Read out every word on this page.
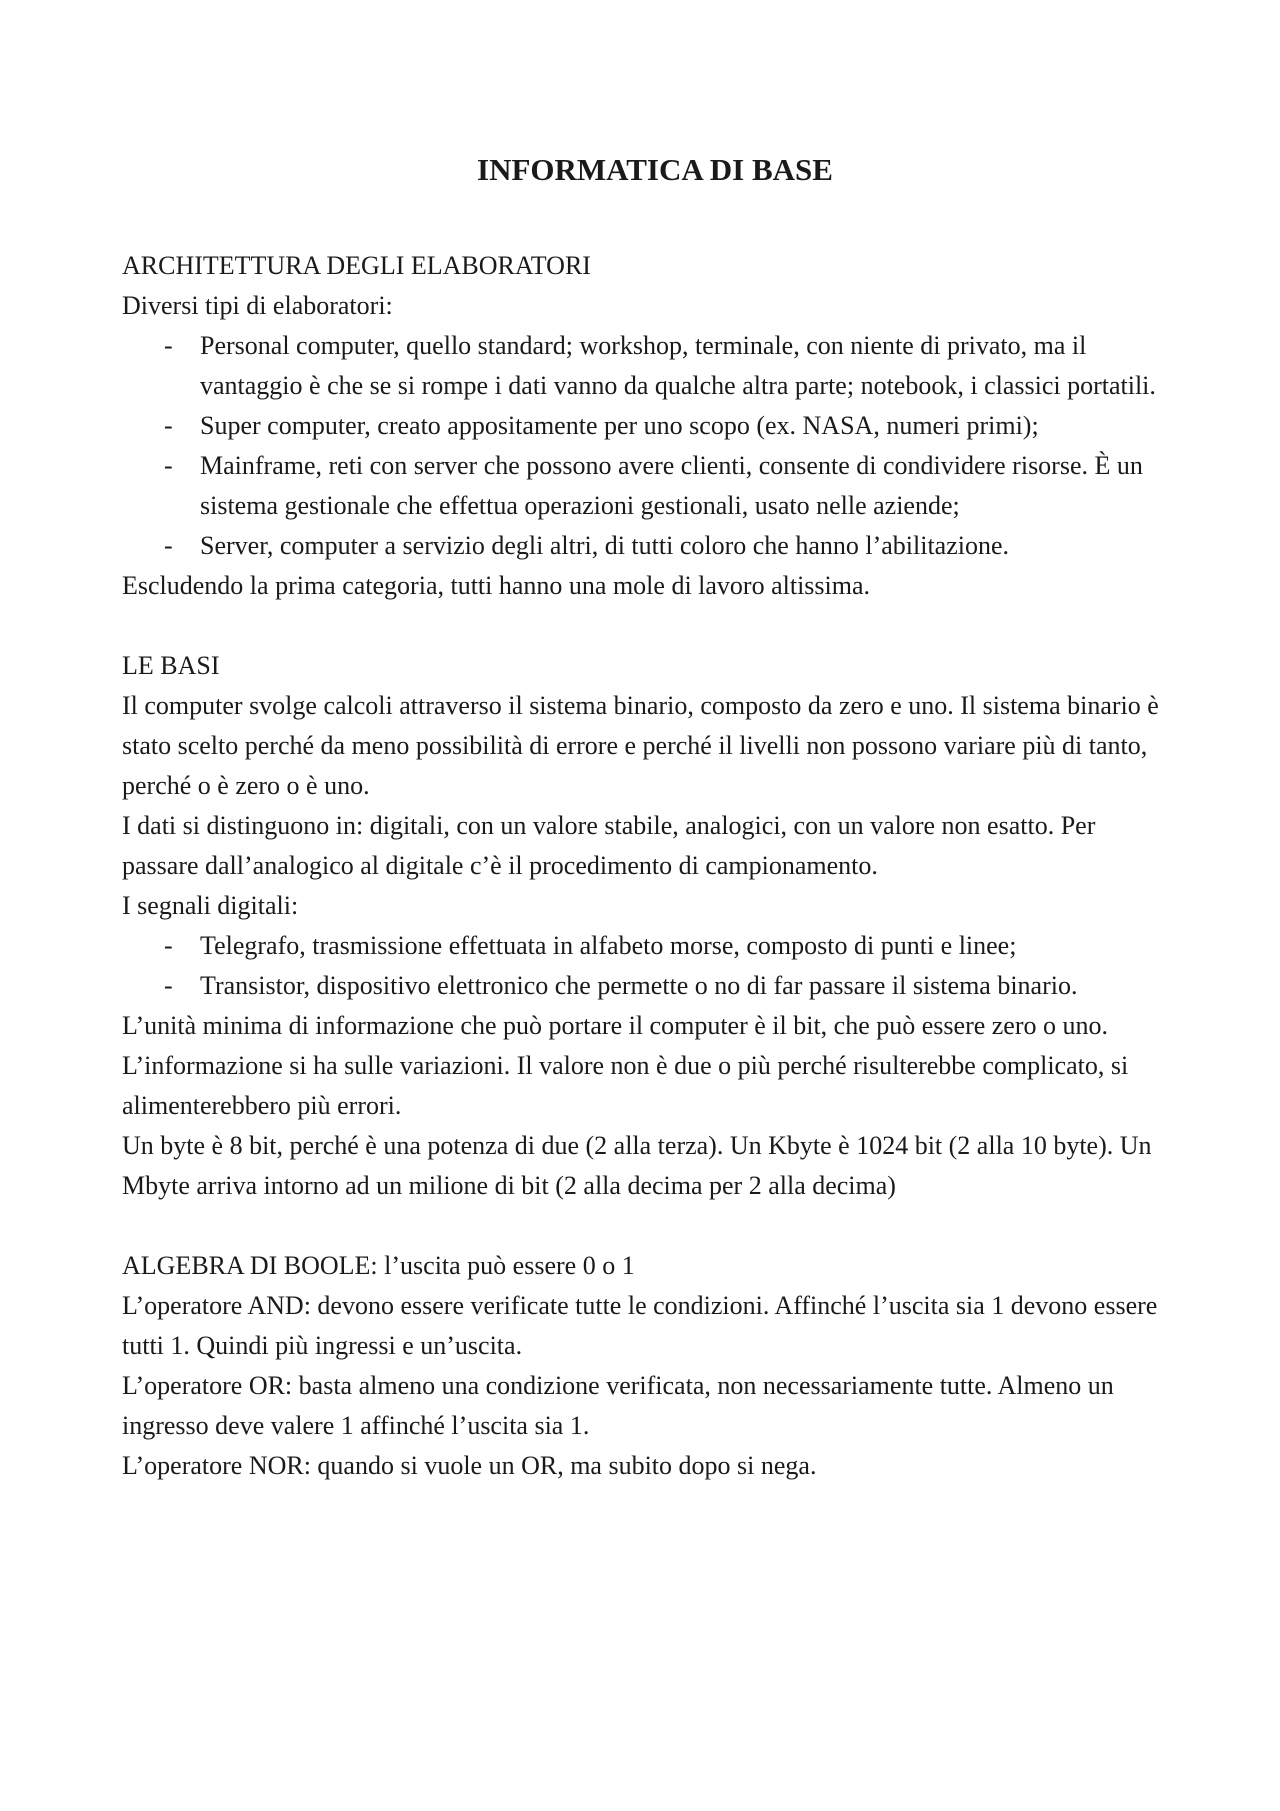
INFORMATICA DI BASE

ARCHITETTURA DEGLI ELABORATORI

Diversi tipi di elaboratori:

- Personal computer, quello standard; workshop, terminale, con niente di privato, ma il vantaggio è che se si rompe i dati vanno da qualche altra parte; notebook, i classici portatili.
- Super computer, creato appositamente per uno scopo (ex. NASA, numeri primi);
- Mainframe, reti con server che possono avere clienti, consente di condividere risorse. È un sistema gestionale che effettua operazioni gestionali, usato nelle aziende;
- Server, computer a servizio degli altri, di tutti coloro che hanno l’abilitazione.

Escludendo la prima categoria, tutti hanno una mole di lavoro altissima.

LE BASI

Il computer svolge calcoli attraverso il sistema binario, composto da zero e uno. Il sistema binario è stato scelto perché da meno possibilità di errore e perché il livelli non possono variare più di tanto, perché o è zero o è uno.

I dati si distinguono in: digitali, con un valore stabile, analogici, con un valore non esatto. Per passare dall’analogico al digitale c’è il procedimento di campionamento.

I segnali digitali:

- Telegrafo, trasmissione effettuata in alfabeto morse, composto di punti e linee;
- Transistor, dispositivo elettronico che permette o no di far passare il sistema binario.

L’unità minima di informazione che può portare il computer è il bit, che può essere zero o uno. L’informazione si ha sulle variazioni. Il valore non è due o più perché risulterebbe complicato, si alimenterebbero più errori.

Un byte è 8 bit, perché è una potenza di due (2 alla terza). Un Kbyte è 1024 bit (2 alla 10 byte). Un Mbyte arriva intorno ad un milione di bit (2 alla decima per 2 alla decima)

ALGEBRA DI BOOLE: l’uscita può essere 0 o 1

L’operatore AND: devono essere verificate tutte le condizioni. Affinché l’uscita sia 1 devono essere tutti 1. Quindi più ingressi e un’uscita.

L’operatore OR: basta almeno una condizione verificata, non necessariamente tutte. Almeno un ingresso deve valere 1 affinché l’uscita sia 1.

L’operatore NOR: quando si vuole un OR, ma subito dopo si nega.
